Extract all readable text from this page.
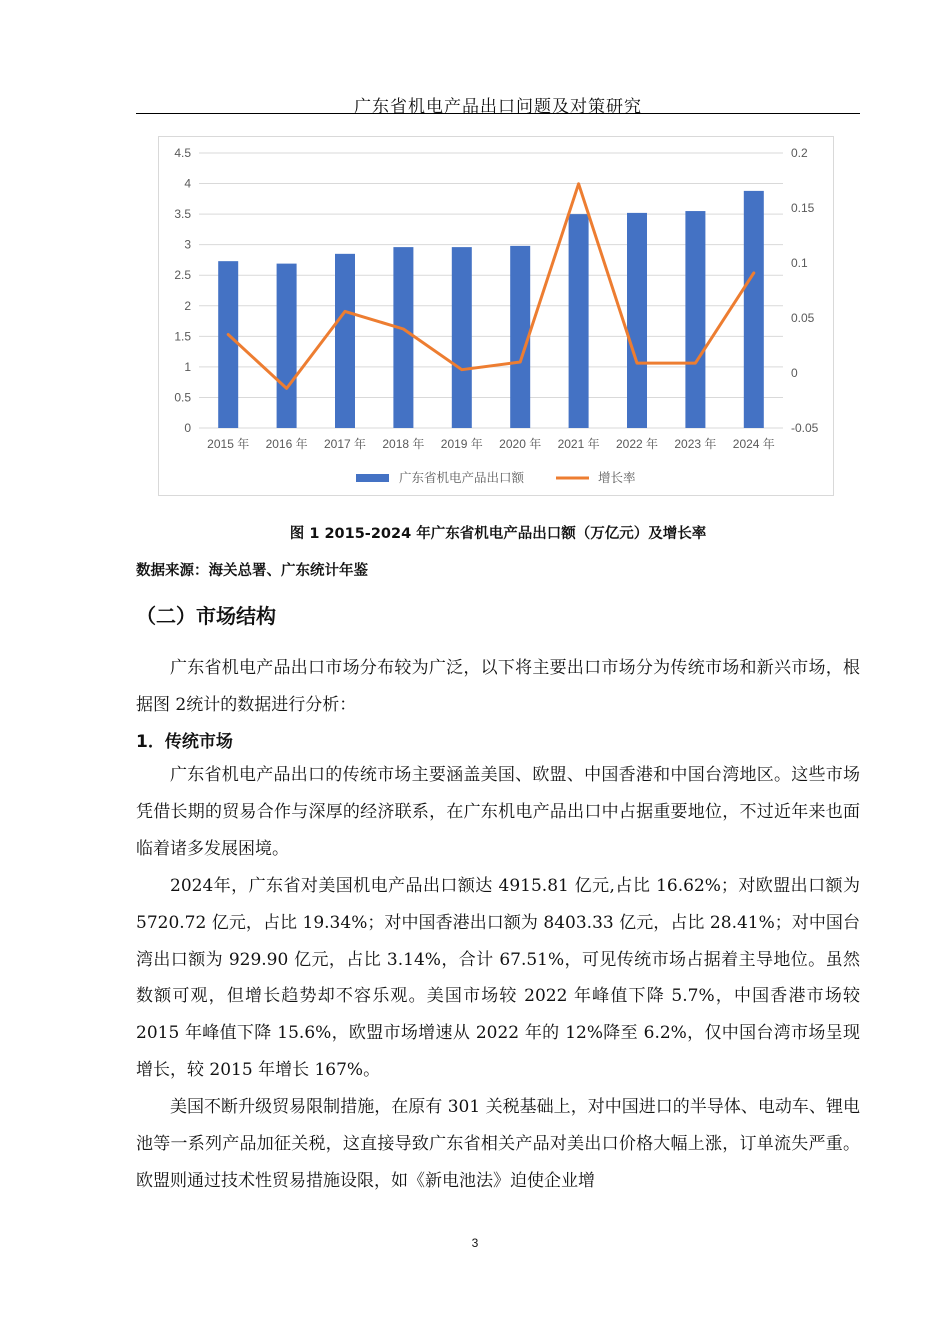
广东省机电产品出口问题及对策研究
0
0.5
1
1.5
2
2.5
3
3.5
4
4.5
-0.05
0
0.05
0.1
0.15
0.2
2015 年 2016 年 2017 年 2018 年 2019 年 2020 年 2021 年 2022 年 2023 年 2024 年
广东省机电产品出口额	增长率
图 1 2015-2024 年广东省机电产品出口额（万亿元）及增长率
数据来源：海关总署、广东统计年鉴
（二）市场结构

广东省机电产品出口市场分布较为广泛，以下将主要出口市场分为传统市场和新兴市场，根据图 2统计的数据进行分析：

1．传统市场

广东省机电产品出口的传统市场主要涵盖美国、欧盟、中国香港和中国台湾地区。这些市场凭借长期的贸易合作与深厚的经济联系，在广东机电产品出口中占据重要地位，不过近年来也面临着诸多发展困境。

2024年，广东省对美国机电产品出口额达 4915.81 亿元,占比 16.62%；对欧盟出口额为 5720.72 亿元，占比 19.34%；对中国香港出口额为 8403.33 亿元，占比 28.41%；对中国台湾出口额为 929.90 亿元，占比 3.14%，合计 67.51%，可见传统市场占据着主导地位。虽然数额可观，但增长趋势却不容乐观。美国市场较 2022 年峰值下降 5.7%，中国香港市场较 2015 年峰值下降 15.6%，欧盟市场增速从 2022 年的 12%降至 6.2%，仅中国台湾市场呈现增长，较 2015 年增长 167%。

美国不断升级贸易限制措施，在原有 301 关税基础上，对中国进口的半导体、电动车、锂电池等一系列产品加征关税，这直接导致广东省相关产品对美出口价格大幅上涨，订单流失严重。欧盟则通过技术性贸易措施设限，如《新电池法》迫使企业增

3
